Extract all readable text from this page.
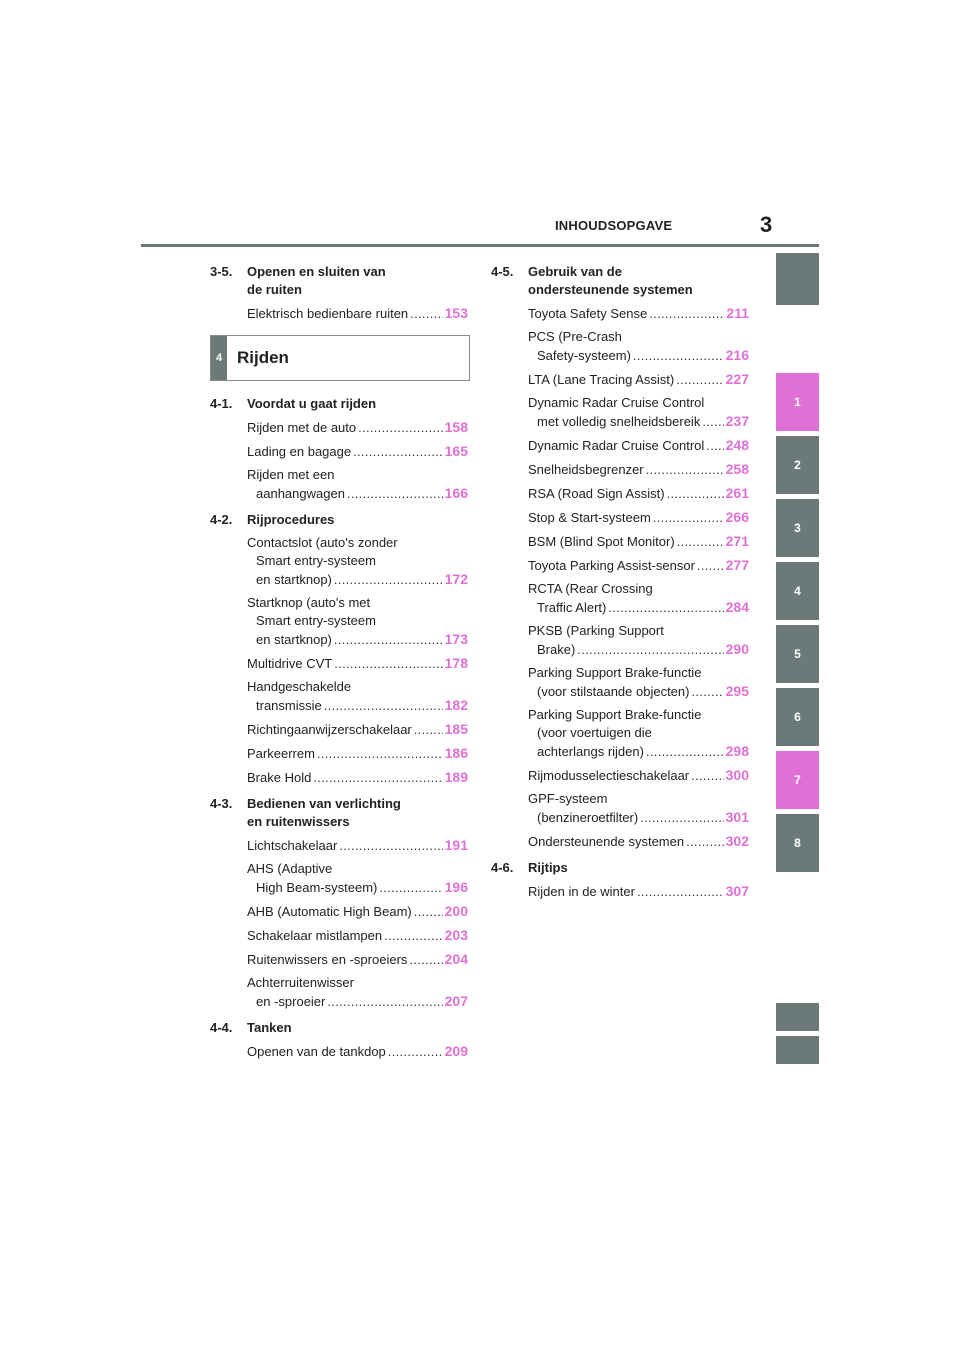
INHOUDSOPGAVE	3
3-5.	Openen en sluiten van
de ruiten
Elektrisch bedienbare ruiten .....	153
4 Rijden
4-1.	Voordat u gaat rijden
Rijden met de auto .....	158
Lading en bagage .....	165
Rijden met een
aanhangwagen .....	166
4-2.	Rijprocedures
Contactslot (auto's zonder
Smart entry-systeem
en startknop) .....	172
Startknop (auto's met
Smart entry-systeem
en startknop) .....	173
Multidrive CVT .....	178
Handgeschakelde
transmissie .....	182
Richtingaanwijzerschakelaar ..... 185
Parkeerrem .....	186
Brake Hold .....	189
4-3.	Bedienen van verlichting
en ruitenwissers
Lichtschakelaar .....	191
AHS (Adaptive
High Beam-systeem) .....	196
AHB (Automatic High Beam) ..... 200
Schakelaar mistlampen .....	203
Ruitenwissers en -sproeiers .....	204
Achterruitenwisser
en -sproeier .....	207
4-4.	Tanken
Openen van de tankdop .....	209
4-5.	Gebruik van de
ondersteunende systemen
Toyota Safety Sense .....	211
PCS (Pre-Crash
Safety-systeem) .....	216
LTA (Lane Tracing Assist) .....	227
Dynamic Radar Cruise Control
met volledig snelheidsbereik ..... 237
Dynamic Radar Cruise Control ..... 248
Snelheidsbegrenzer .....	258
RSA (Road Sign Assist) .....	261
Stop & Start-systeem .....	266
BSM (Blind Spot Monitor) .....	271
Toyota Parking Assist-sensor ..... 277
RCTA (Rear Crossing
Traffic Alert) .....	284
PKSB (Parking Support
Brake) .....	290
Parking Support Brake-functie
(voor stilstaande objecten) .....	295
Parking Support Brake-functie
(voor voertuigen die
achterlangs rijden) .....	298
Rijmodusselectieschakelaar .....	300
GPF-systeem
(benzineroetfilter) .....	301
Ondersteunende systemen .....	302
4-6.	Rijtips
Rijden in de winter .....	307
1
2
3
4
5
6
7
8
